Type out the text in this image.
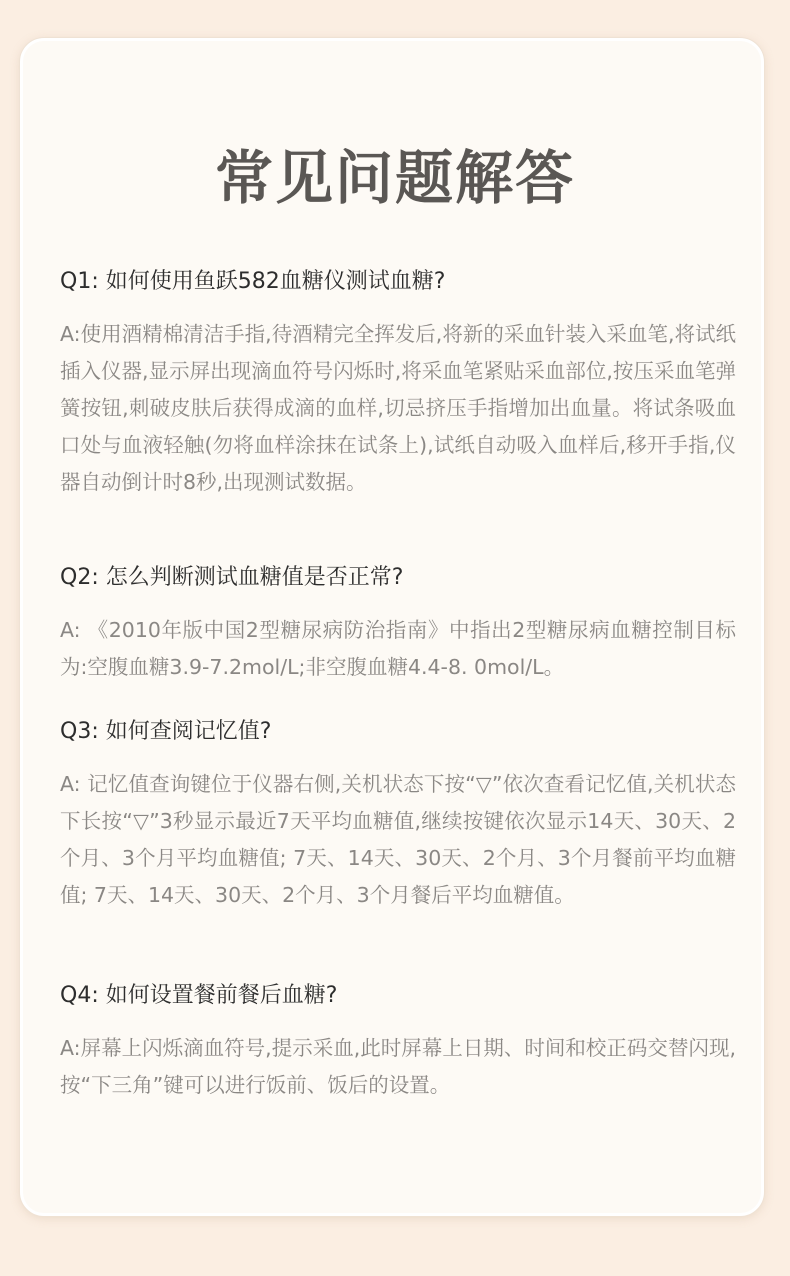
常见问题解答
Q1: 如何使用鱼跃582血糖仪测试血糖?
A:使用酒精棉清洁手指,待酒精完全挥发后,将新的采血针装入采血笔,将试纸插入仪器,显示屏出现滴血符号闪烁时,将采血笔紧贴采血部位,按压采血笔弹簧按钮,刺破皮肤后获得成滴的血样,切忌挤压手指增加出血量。将试条吸血口处与血液轻触(勿将血样涂抹在试条上),试纸自动吸入血样后,移开手指,仪器自动倒计时8秒,出现测试数据。
Q2: 怎么判断测试血糖值是否正常?
A: 《2010年版中国2型糖尿病防治指南》中指出2型糖尿病血糖控制目标为:空腹血糖3.9-7.2mol/L;非空腹血糖4.4-8. 0mol/L。
Q3: 如何查阅记忆值?
A: 记忆值查询键位于仪器右侧,关机状态下按“▽”依次查看记忆值,关机状态下长按“▽”3秒显示最近7天平均血糖值,继续按键依次显示14天、30天、2个月、3个月平均血糖值; 7天、14天、30天、2个月、3个月餐前平均血糖值; 7天、14天、30天、2个月、3个月餐后平均血糖值。
Q4: 如何设置餐前餐后血糖?
A:屏幕上闪烁滴血符号,提示采血,此时屏幕上日期、时间和校正码交替闪现,按“下三角”键可以进行饭前、饭后的设置。
